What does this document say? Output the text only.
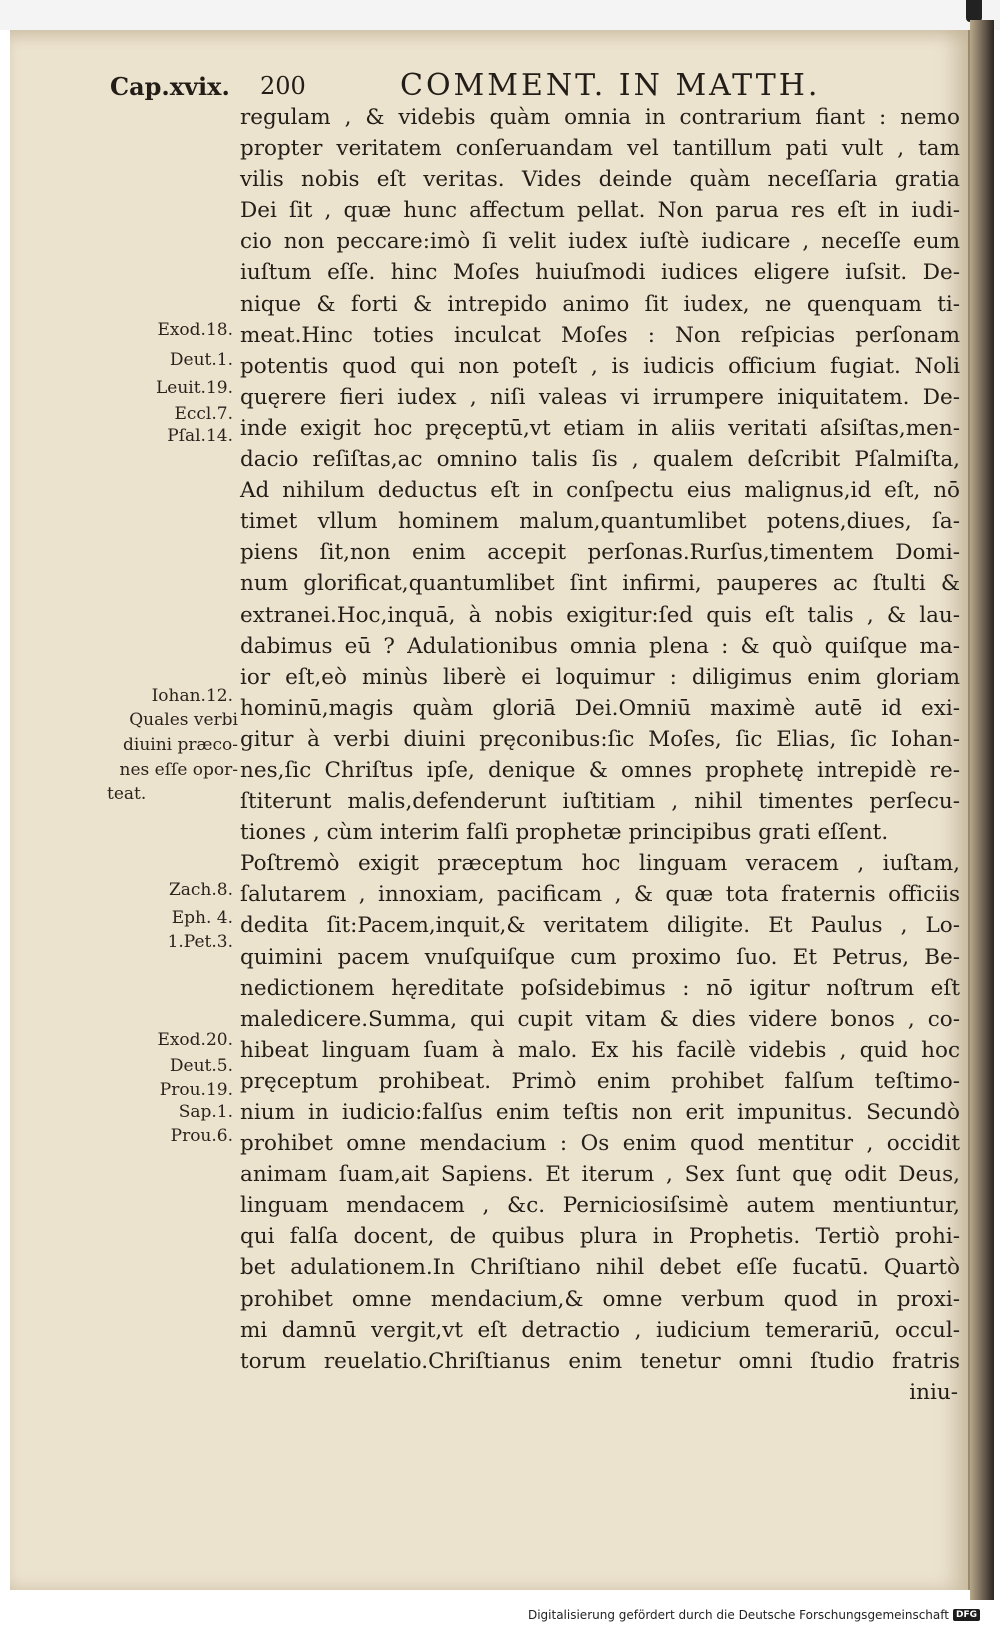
Cap.xvix. 200	COMMENT. IN MATTH.
regulam , & videbis quàm omnia in contrarium fiant : nemo
propter veritatem conſeruandam vel tantillum pati vult , tam
vilis nobis eſt veritas. Vides deinde quàm neceſſaria gratia
Dei ſit , quæ hunc affectum pellat. Non parua res eſt in iudi-
cio non peccare:imò ſi velit iudex iuſtè iudicare , neceſſe eum
iuſtum eſſe. hinc Moſes huiuſmodi iudices eligere iuſsit. De-
nique & forti & intrepido animo ſit iudex, ne quenquam ti-
meat.Hinc toties inculcat Moſes : Non reſpicias perſonam
potentis quod qui non poteſt , is iudicis officium fugiat. Noli
quęrere fieri iudex , niſi valeas vi irrumpere iniquitatem. De-
inde exigit hoc pręceptū,vt etiam in aliis veritati aſsiſtas,men-
dacio reſiſtas,ac omnino talis ſis , qualem deſcribit Pſalmiſta,
Ad nihilum deductus eſt in conſpectu eius malignus,id eſt, nō
timet vllum hominem malum,quantumlibet potens,diues, ſa-
piens ſit,non enim accepit perſonas.Rurſus,timentem Domi-
num glorificat,quantumlibet ſint infirmi, pauperes ac ſtulti &
extranei.Hoc,inquā, à nobis exigitur:ſed quis eſt talis , & lau-
dabimus eū ? Adulationibus omnia plena : & quò quiſque ma-
ior eſt,eò minùs liberè ei loquimur : diligimus enim gloriam
hominū,magis quàm gloriā Dei.Omniū maximè autē id exi-
gitur à verbi diuini pręconibus:ſic Moſes, ſic Elias, ſic Iohan-
nes,ſic Chriſtus ipſe, denique & omnes prophetę intrepidè re-
ſtiterunt malis,defenderunt iuſtitiam , nihil timentes perſecu-
tiones , cùm interim falſi prophetæ principibus grati eſſent.
Poſtremò exigit præceptum hoc linguam veracem , iuſtam,
ſalutarem , innoxiam, pacificam , & quæ tota fraternis officiis
dedita ſit:Pacem,inquit,& veritatem diligite. Et Paulus , Lo-
quimini pacem vnuſquiſque cum proximo ſuo. Et Petrus, Be-
nedictionem hęreditate poſsidebimus : nō igitur noſtrum eſt
maledicere.Summa, qui cupit vitam & dies videre bonos , co-
hibeat linguam ſuam à malo. Ex his facilè videbis , quid hoc
pręceptum prohibeat. Primò enim prohibet falſum teſtimo-
nium in iudicio:falſus enim teſtis non erit impunitus. Secundò
prohibet omne mendacium : Os enim quod mentitur , occidit
animam ſuam,ait Sapiens. Et iterum , Sex ſunt quę odit Deus,
linguam mendacem , &c. Perniciosiſsimè autem mentiuntur,
qui falſa docent, de quibus plura in Prophetis. Tertiò prohi-
bet adulationem.In Chriſtiano nihil debet eſſe fucatū. Quartò
prohibet omne mendacium,& omne verbum quod in proxi-
mi damnū vergit,vt eſt detractio , iudicium temerariū, occul-
torum reuelatio.Chriſtianus enim tenetur omni ſtudio fratris
iniu-
Exod.18.
Deut.1.
Leuit.19.
Eccl.7.
Pſal.14.
Iohan.12.
Quales verbi
diuini præco-
nes eſſe opor-
teat.
Zach.8.
Eph. 4.
1.Pet.3.
Exod.20.
Deut.5.
Prou.19.
Sap.1.
Prou.6.
Digitalisierung gefördert durch die Deutsche Forschungsgemeinschaft DFG
